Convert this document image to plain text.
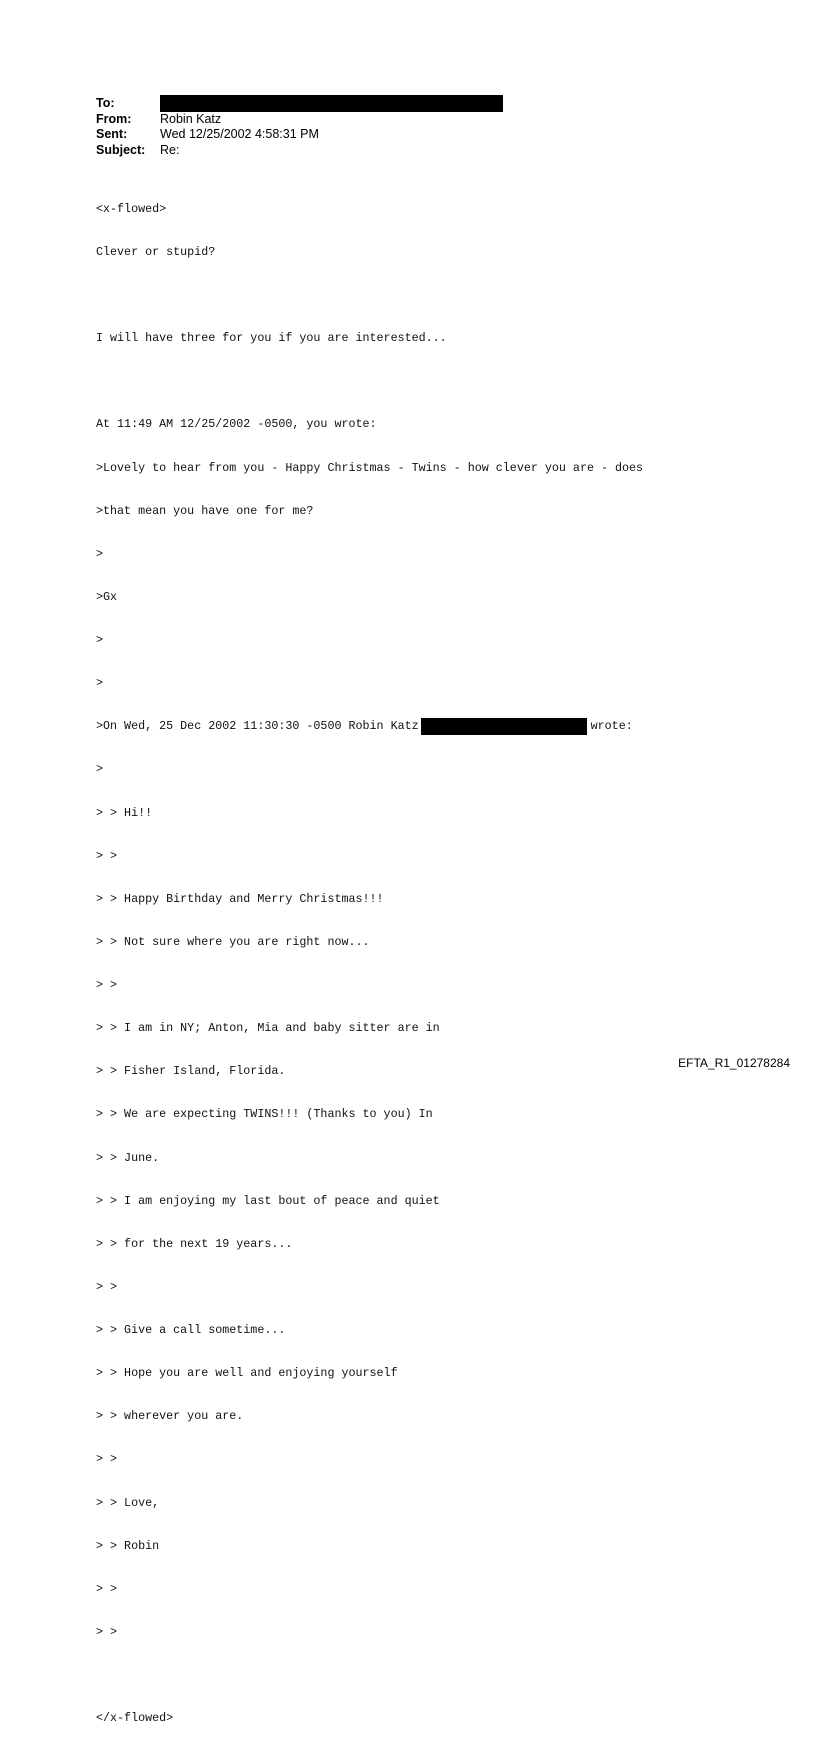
To:
From:	Robin Katz
Sent:	Wed 12/25/2002 4:58:31 PM
Subject:	Re:

<x-flowed>

Clever or stupid?

I will have three for you if you are interested...

At 11:49 AM 12/25/2002 -0500, you wrote:

>Lovely to hear from you - Happy Christmas - Twins - how clever you are - does

>that mean you have one for me?

>

>Gx

>

>

>On Wed, 25 Dec 2002 11:30:30 -0500 Robin Katz	wrote:

>

> > Hi!!

> >

> > Happy Birthday and Merry Christmas!!!

> > Not sure where you are right now...

> >

> > I am in NY; Anton, Mia and baby sitter are in

> > Fisher Island, Florida.

> > We are expecting TWINS!!! (Thanks to you) In

> > June.

> > I am enjoying my last bout of peace and quiet

> > for the next 19 years...

> >

> > Give a call sometime...

> > Hope you are well and enjoying yourself

> > wherever you are.

> >

> > Love,

> > Robin

> >

> >

</x-flowed>

EFTA_R1_01278284
